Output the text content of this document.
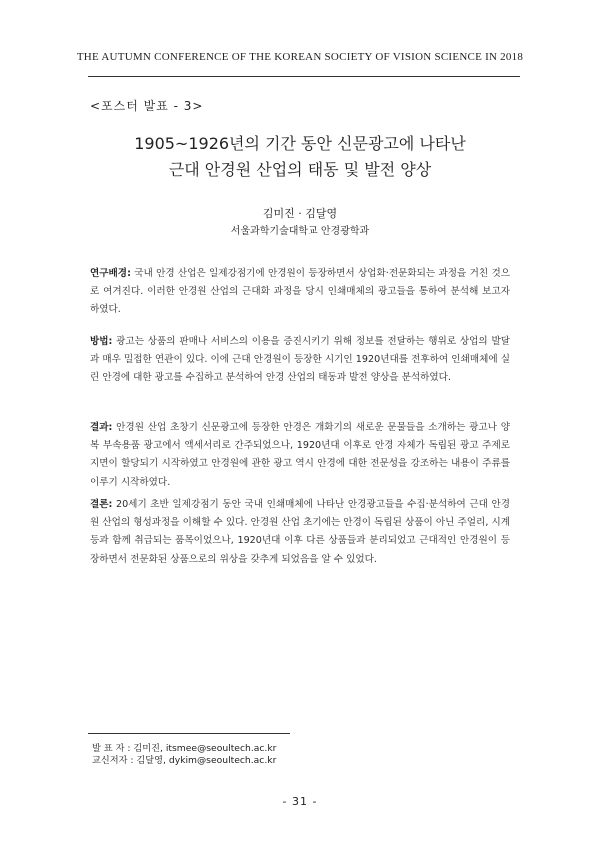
THE AUTUMN CONFERENCE OF THE KOREAN SOCIETY OF VISION SCIENCE IN 2018
<포스터 발표 - 3>
1905~1926년의 기간 동안 신문광고에 나타난
근대 안경원 산업의 태동 및 발전 양상
김미진 · 김달영
서울과학기술대학교 안경광학과
연구배경: 국내 안경 산업은 일제강점기에 안경원이 등장하면서 상업화·전문화되는 과정을 거친 것으로 여겨진다. 이러한 안경원 산업의 근대화 과정을 당시 인쇄매체의 광고들을 통하여 분석해 보고자 하였다.
방법: 광고는 상품의 판매나 서비스의 이용을 증진시키기 위해 정보를 전달하는 행위로 상업의 발달과 매우 밀접한 연관이 있다. 이에 근대 안경원이 등장한 시기인 1920년대를 전후하여 인쇄매체에 실린 안경에 대한 광고를 수집하고 분석하여 안경 산업의 태동과 발전 양상을 분석하였다.
결과: 안경원 산업 초창기 신문광고에 등장한 안경은 개화기의 새로운 문물들을 소개하는 광고나 양복 부속용품 광고에서 액세서리로 간주되었으나, 1920년대 이후로 안경 자체가 독립된 광고 주제로 지면이 할당되기 시작하였고 안경원에 관한 광고 역시 안경에 대한 전문성을 강조하는 내용이 주류를 이루기 시작하였다.
결론: 20세기 초반 일제강점기 동안 국내 인쇄매체에 나타난 안경광고들을 수집·분석하여 근대 안경원 산업의 형성과정을 이해할 수 있다. 안경원 산업 초기에는 안경이 독립된 상품이 아닌 주얼리, 시계 등과 함께 취급되는 품목이었으나, 1920년대 이후 다른 상품들과 분리되었고 근대적인 안경원이 등장하면서 전문화된 상품으로의 위상을 갖추게 되었음을 알 수 있었다.
발 표 자 : 김미진, itsmee@seoultech.ac.kr
교신저자 : 김달영, dykim@seoultech.ac.kr
- 31 -
